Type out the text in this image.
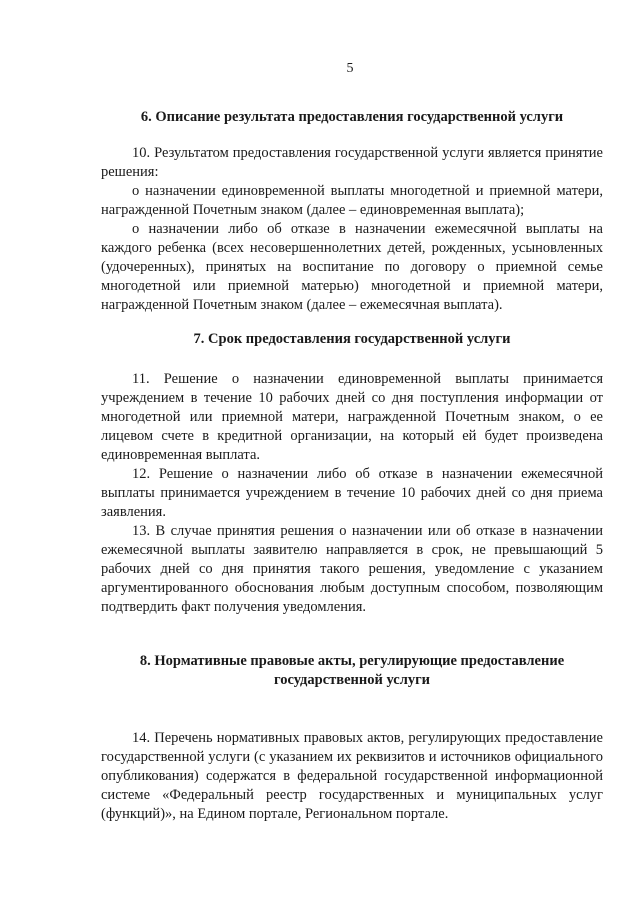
5

6. Описание результата предоставления государственной услуги

10. Результатом предоставления государственной услуги является принятие решения:

о назначении единовременной выплаты многодетной и приемной матери, награжденной Почетным знаком (далее – единовременная выплата);

о назначении либо об отказе в назначении ежемесячной выплаты на каждого ребенка (всех несовершеннолетних детей, рожденных, усыновленных (удочеренных), принятых на воспитание по договору о приемной семье многодетной или приемной матерью) многодетной и приемной матери, награжденной Почетным знаком (далее – ежемесячная выплата).

7. Срок предоставления государственной услуги

11. Решение о назначении единовременной выплаты принимается учреждением в течение 10 рабочих дней со дня поступления информации от многодетной или приемной матери, награжденной Почетным знаком, о ее лицевом счете в кредитной организации, на который ей будет произведена единовременная выплата.

12. Решение о назначении либо об отказе в назначении ежемесячной выплаты принимается учреждением в течение 10 рабочих дней со дня приема заявления.

13. В случае принятия решения о назначении или об отказе в назначении ежемесячной выплаты заявителю направляется в срок, не превышающий 5 рабочих дней со дня принятия такого решения, уведомление с указанием аргументированного обоснования любым доступным способом, позволяющим подтвердить факт получения уведомления.

8. Нормативные правовые акты, регулирующие предоставление
государственной услуги

14. Перечень нормативных правовых актов, регулирующих предоставление государственной услуги (с указанием их реквизитов и источников официального опубликования) содержатся в федеральной государственной информационной системе «Федеральный реестр государственных и муниципальных услуг (функций)», на Едином портале, Региональном портале.
